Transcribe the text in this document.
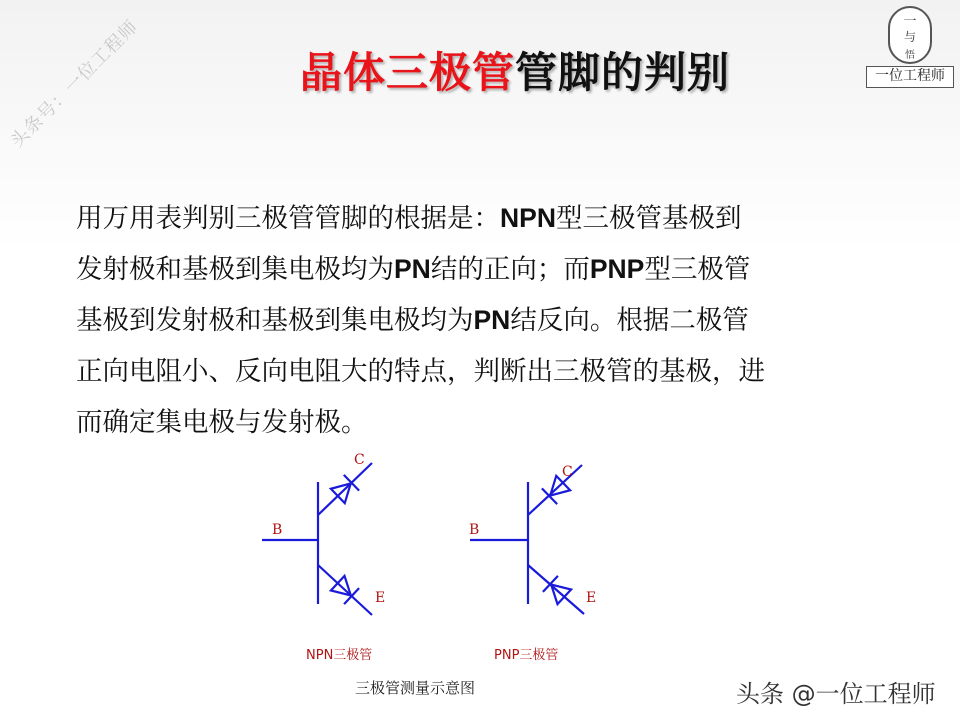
头条号：一位工程师	一
与
悟
一位工程师
晶体三极管管脚的判别
用万用表判别三极管管脚的根据是：NPN型三极管基极到
发射极和基极到集电极均为PN结的正向；而PNP型三极管
基极到发射极和基极到集电极均为PN结反向。根据二极管
正向电阻小、反向电阻大的特点，判断出三极管的基极，进
而确定集电极与发射极。
C
B
E
C
B
E
NPN三极管	PNP三极管
三极管测量示意图	头条 @一位工程师
